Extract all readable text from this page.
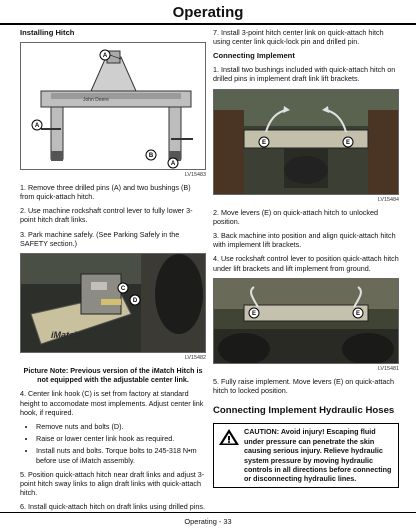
Operating
Installing Hitch
John Deere
A
A
B
A
LV15483

1. Remove three drilled pins (A) and two bushings (B) from quick-attach hitch.

2. Use machine rockshaft control lever to fully lower 3-point hitch draft links.

3. Park machine safely. (See Parking Safely in the SAFETY section.)

iMatch
C
D
LV15482

Picture Note: Previous version of the iMatch Hitch is not equipped with the adjustable center link.

4. Center link hook (C) is set from factory at standard height to accomodate most implements. Adjust center link hook, if required.

• Remove nuts and bolts (D).
• Raise or lower center link hook as required.
• Install nuts and bolts. Torque bolts to 245-318 N•m before use of iMatch assembly.

5. Position quick-attach hitch near draft links and adjust 3-point hitch sway links to align draft links with quick-attach hitch.

6. Install quick-attach hitch on draft links using drilled pins.

7. Install 3-point hitch center link on quick-attach hitch using center link quick-lock pin and drilled pin.

Connecting Implement

1. Install two bushings included with quick-attach hitch on drilled pins in implement draft link lift brackets.

E	E
LV15484

2. Move levers (E) on quick-attach hitch to unlocked position.

3. Back machine into position and align quick-attach hitch with implement lift brackets.

4. Use rockshaft control lever to position quick-attach hitch under lift brackets and lift implement from ground.

E	E
LV15481

5. Fully raise implement. Move levers (E) on quick-attach hitch to locked position.

Connecting Implement Hydraulic Hoses
CAUTION: Avoid injury! Escaping fluid under pressure can penetrate the skin causing serious injury. Relieve hydraulic system pressure by moving hydraulic controls in all directions before connecting or disconnecting hydraulic lines.
Operating - 33
